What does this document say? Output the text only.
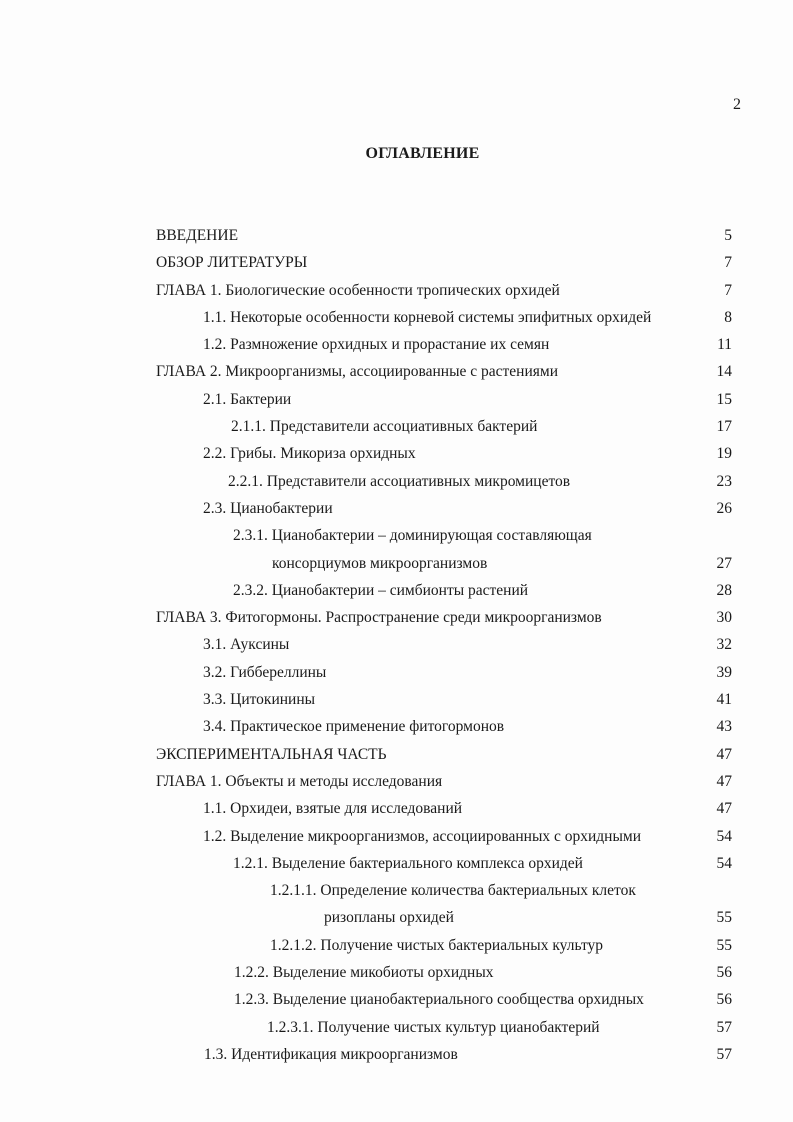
2
ОГЛАВЛЕНИЕ
ВВЕДЕНИЕ	5
ОБЗОР ЛИТЕРАТУРЫ	7
ГЛАВА 1. Биологические особенности тропических орхидей	7
1.1. Некоторые особенности корневой системы эпифитных орхидей	8
1.2. Размножение орхидных и прорастание их семян	11
ГЛАВА 2. Микроорганизмы, ассоциированные с растениями	14
2.1. Бактерии	15
2.1.1. Представители ассоциативных бактерий	17
2.2. Грибы. Микориза орхидных	19
2.2.1. Представители ассоциативных микромицетов	23
2.3. Цианобактерии	26
2.3.1. Цианобактерии – доминирующая составляющая
консорциумов микроорганизмов	27
2.3.2. Цианобактерии – симбионты растений	28
ГЛАВА 3. Фитогормоны. Распространение среди микроорганизмов	30
3.1. Ауксины	32
3.2. Гиббереллины	39
3.3. Цитокинины	41
3.4. Практическое применение фитогормонов	43
ЭКСПЕРИМЕНТАЛЬНАЯ ЧАСТЬ	47
ГЛАВА 1. Объекты и методы исследования	47
1.1. Орхидеи, взятые для исследований	47
1.2. Выделение микроорганизмов, ассоциированных с орхидными	54
1.2.1. Выделение бактериального комплекса орхидей	54
1.2.1.1. Определение количества бактериальных клеток
ризопланы орхидей	55
1.2.1.2. Получение чистых бактериальных культур	55
1.2.2. Выделение микобиоты орхидных	56
1.2.3. Выделение цианобактериального сообщества орхидных	56
1.2.3.1. Получение чистых культур цианобактерий	57
1.3. Идентификация микроорганизмов	57
